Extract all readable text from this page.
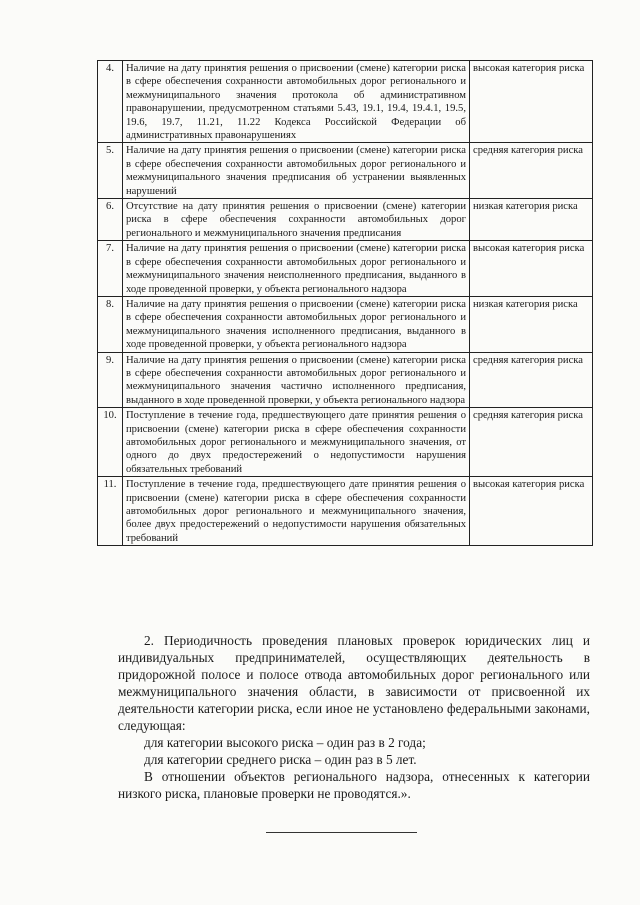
4.	Наличие на дату принятия решения о присвоении (смене) категории риска в сфере обеспечения сохранности автомобильных дорог регионального и межмуниципального значения протокола об административном правонарушении, предусмотренном статьями 5.43, 19.1, 19.4, 19.4.1, 19.5, 19.6, 19.7, 11.21, 11.22 Кодекса Российской Федерации об административных правонарушениях	высокая категория риска
5.	Наличие на дату принятия решения о присвоении (смене) категории риска в сфере обеспечения сохранности автомобильных дорог регионального и межмуниципального значения предписания об устранении выявленных нарушений	средняя категория риска
6.	Отсутствие на дату принятия решения о присвоении (смене) категории риска в сфере обеспечения сохранности автомобильных дорог регионального и межмуниципального значения предписания	низкая категория риска
7.	Наличие на дату принятия решения о присвоении (смене) категории риска в сфере обеспечения сохранности автомобильных дорог регионального и межмуниципального значения неисполненного предписания, выданного в ходе проведенной проверки, у объекта регионального надзора	высокая категория риска
8.	Наличие на дату принятия решения о присвоении (смене) категории риска в сфере обеспечения сохранности автомобильных дорог регионального и межмуниципального значения исполненного предписания, выданного в ходе проведенной проверки, у объекта регионального надзора	низкая категория риска
9.	Наличие на дату принятия решения о присвоении (смене) категории риска в сфере обеспечения сохранности автомобильных дорог регионального и межмуниципального значения частично исполненного предписания, выданного в ходе проведенной проверки, у объекта регионального надзора	средняя категория риска
10.	Поступление в течение года, предшествующего дате принятия решения о присвоении (смене) категории риска в сфере обеспечения сохранности автомобильных дорог регионального и межмуниципального значения, от одного до двух предостережений о недопустимости нарушения обязательных требований	средняя категория риска
11.	Поступление в течение года, предшествующего дате принятия решения о присвоении (смене) категории риска в сфере обеспечения сохранности автомобильных дорог регионального и межмуниципального значения, более двух предостережений о недопустимости нарушения обязательных требований	высокая категория риска

2. Периодичность проведения плановых проверок юридических лиц и индивидуальных предпринимателей, осуществляющих деятельность в придорожной полосе и полосе отвода автомобильных дорог регионального или межмуниципального значения области, в зависимости от присвоенной их деятельности категории риска, если иное не установлено федеральными законами, следующая:

для категории высокого риска – один раз в 2 года;

для категории среднего риска – один раз в 5 лет.

В отношении объектов регионального надзора, отнесенных к категории низкого риска, плановые проверки не проводятся.».
